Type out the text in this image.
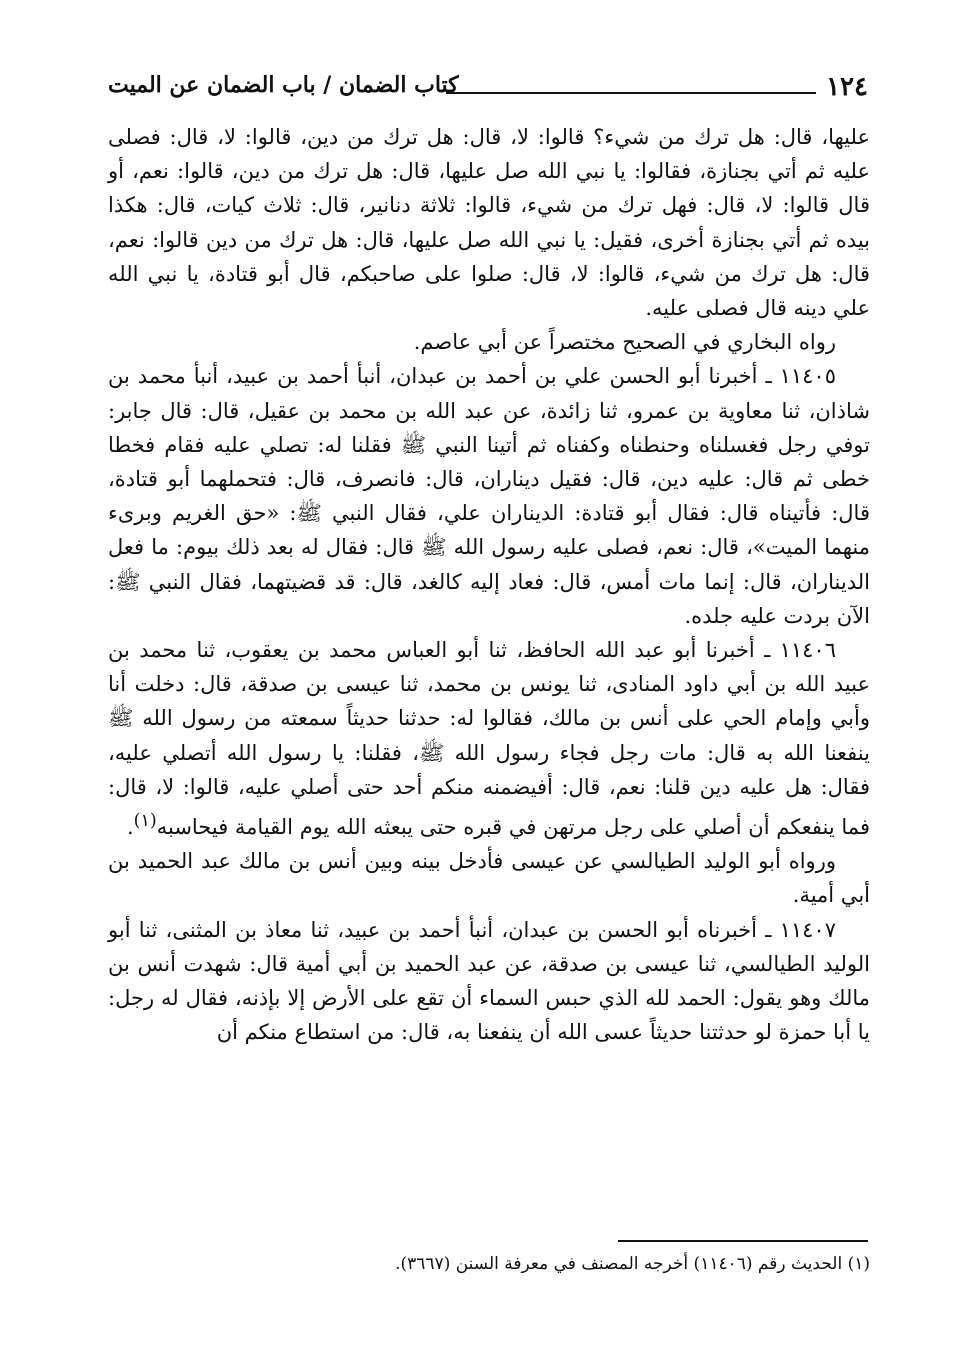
١٢٤
كتاب الضمان / باب الضمان عن الميت

عليها، قال: هل ترك من شيء؟ قالوا: لا، قال: هل ترك من دين، قالوا: لا، قال: فصلى عليه ثم أتي بجنازة، فقالوا: يا نبي الله صل عليها، قال: هل ترك من دين، قالوا: نعم، أو قال قالوا: لا، قال: فهل ترك من شيء، قالوا: ثلاثة دنانير، قال: ثلاث كيات، قال: هكذا بيده ثم أتي بجنازة أخرى، فقيل: يا نبي الله صل عليها، قال: هل ترك من دين قالوا: نعم، قال: هل ترك من شيء، قالوا: لا، قال: صلوا على صاحبكم، قال أبو قتادة، يا نبي الله علي دينه قال فصلى عليه.

رواه البخاري في الصحيح مختصراً عن أبي عاصم.

١١٤٠٥ ـ أخبرنا أبو الحسن علي بن أحمد بن عبدان، أنبأ أحمد بن عبيد، أنبأ محمد بن شاذان، ثنا معاوية بن عمرو، ثنا زائدة، عن عبد الله بن محمد بن عقيل، قال: قال جابر: توفي رجل فغسلناه وحنطناه وكفناه ثم أتينا النبي ﷺ فقلنا له: تصلي عليه فقام فخطا خطى ثم قال: عليه دين، قال: فقيل ديناران، قال: فانصرف، قال: فتحملهما أبو قتادة، قال: فأتيناه قال: فقال أبو قتادة: الديناران علي، فقال النبي ﷺ: «حق الغريم وبرىء منهما الميت»، قال: نعم، فصلى عليه رسول الله ﷺ قال: فقال له بعد ذلك بيوم: ما فعل الديناران، قال: إنما مات أمس، قال: فعاد إليه كالغد، قال: قد قضيتهما، فقال النبي ﷺ: الآن بردت عليه جلده.

١١٤٠٦ ـ أخبرنا أبو عبد الله الحافظ، ثنا أبو العباس محمد بن يعقوب، ثنا محمد بن عبيد الله بن أبي داود المنادى، ثنا يونس بن محمد، ثنا عيسى بن صدقة، قال: دخلت أنا وأبي وإمام الحي على أنس بن مالك، فقالوا له: حدثنا حديثاً سمعته من رسول الله ﷺ ينفعنا الله به قال: مات رجل فجاء رسول الله ﷺ، فقلنا: يا رسول الله أتصلي عليه، فقال: هل عليه دين قلنا: نعم، قال: أفيضمنه منكم أحد حتى أصلي عليه، قالوا: لا، قال: فما ينفعكم أن أصلي على رجل مرتهن في قبره حتى يبعثه الله يوم القيامة فيحاسبه$^{(١)}$.

ورواه أبو الوليد الطيالسي عن عيسى فأدخل بينه وبين أنس بن مالك عبد الحميد بن أبي أمية.

١١٤٠٧ ـ أخبرناه أبو الحسن بن عبدان، أنبأ أحمد بن عبيد، ثنا معاذ بن المثنى، ثنا أبو الوليد الطيالسي، ثنا عيسى بن صدقة، عن عبد الحميد بن أبي أمية قال: شهدت أنس بن مالك وهو يقول: الحمد لله الذي حبس السماء أن تقع على الأرض إلا بإذنه، فقال له رجل: يا أبا حمزة لو حدثتنا حديثاً عسى الله أن ينفعنا به، قال: من استطاع منكم أن

(١) الحديث رقم (١١٤٠٦) أخرجه المصنف في معرفة السنن (٣٦٦٧).
